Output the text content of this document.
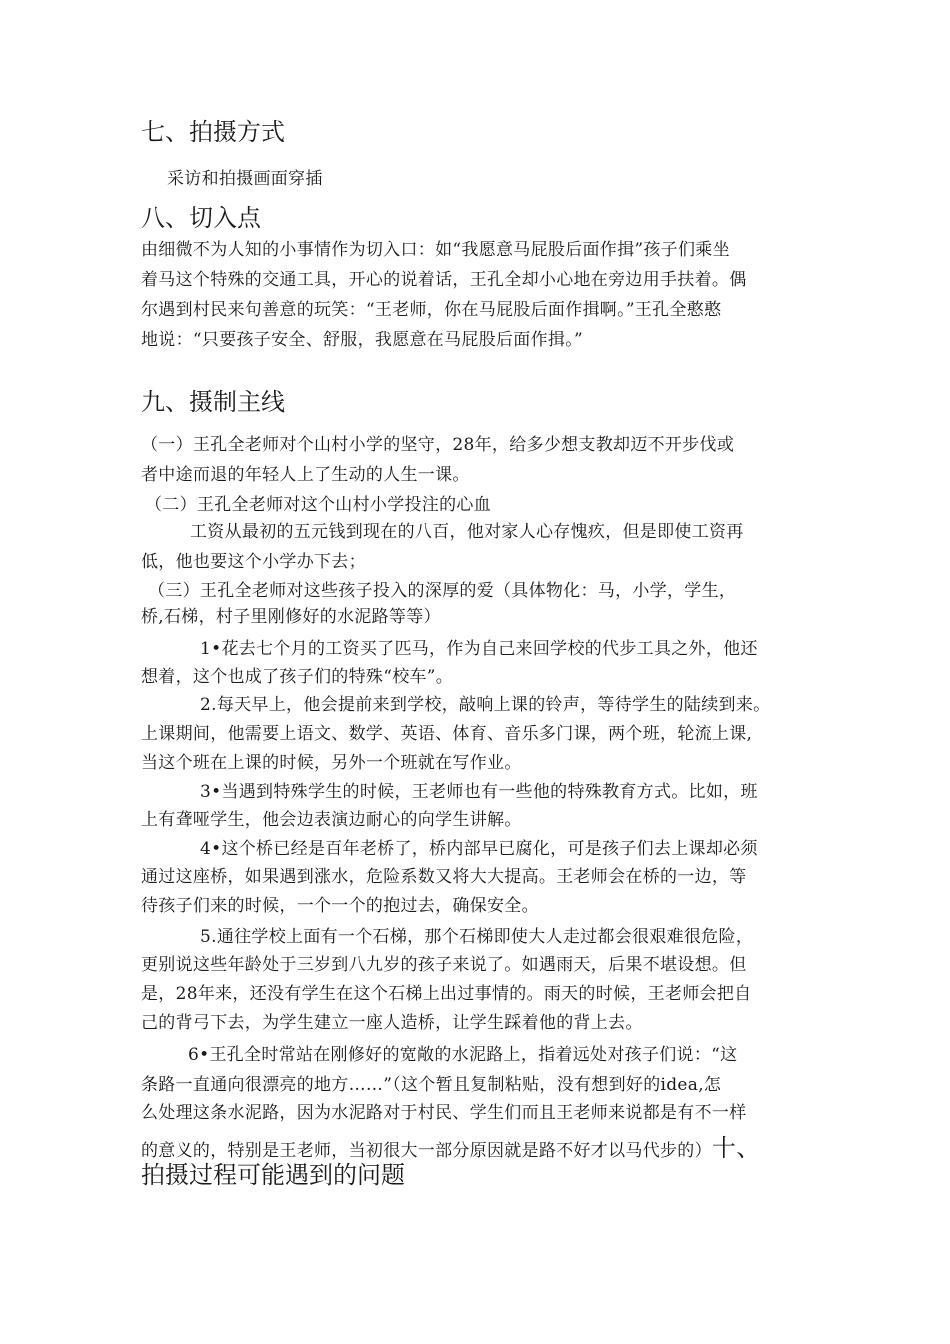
七、拍摄方式
采访和拍摄画面穿插
八、切入点
由细微不为人知的小事情作为切入口：如“我愿意马屁股后面作揖”孩子们乘坐
着马这个特殊的交通工具，开心的说着话，王孔全却小心地在旁边用手扶着。偶
尔遇到村民来句善意的玩笑：“王老师，你在马屁股后面作揖啊。”王孔全憨憨
地说：“只要孩子安全、舒服，我愿意在马屁股后面作揖。”
九、摄制主线
（一）王孔全老师对个山村小学的坚守，28年，给多少想支教却迈不开步伐或
者中途而退的年轻人上了生动的人生一课。
（二）王孔全老师对这个山村小学投注的心血
工资从最初的五元钱到现在的八百，他对家人心存愧疚，但是即使工资再
低，他也要这个小学办下去；
（三）王孔全老师对这些孩子投入的深厚的爱（具体物化：马，小学，学生，
桥,石梯，村子里刚修好的水泥路等等）
1•花去七个月的工资买了匹马，作为自己来回学校的代步工具之外，他还
想着，这个也成了孩子们的特殊“校车”。
2.每天早上，他会提前来到学校，敲响上课的铃声，等待学生的陆续到来。
上课期间，他需要上语文、数学、英语、体育、音乐多门课，两个班，轮流上课,
当这个班在上课的时候，另外一个班就在写作业。
3•当遇到特殊学生的时候，王老师也有一些他的特殊教育方式。比如，班
上有聋哑学生，他会边表演边耐心的向学生讲解。
4•这个桥已经是百年老桥了，桥内部早已腐化，可是孩子们去上课却必须
通过这座桥，如果遇到涨水，危险系数又将大大提高。王老师会在桥的一边，等
待孩子们来的时候，一个一个的抱过去，确保安全。
5.通往学校上面有一个石梯，那个石梯即使大人走过都会很艰难很危险，
更别说这些年龄处于三岁到八九岁的孩子来说了。如遇雨天，后果不堪设想。但
是，28年来，还没有学生在这个石梯上出过事情的。雨天的时候，王老师会把自
己的背弓下去，为学生建立一座人造桥，让学生踩着他的背上去。
6•王孔全时常站在刚修好的宽敞的水泥路上，指着远处对孩子们说：“这
条路一直通向很漂亮的地方……”（这个暂且复制粘贴，没有想到好的idea,怎
么处理这条水泥路，因为水泥路对于村民、学生们而且王老师来说都是有不一样
的意义的，特别是王老师，当初很大一部分原因就是路不好才以马代步的）十、
拍摄过程可能遇到的问题
